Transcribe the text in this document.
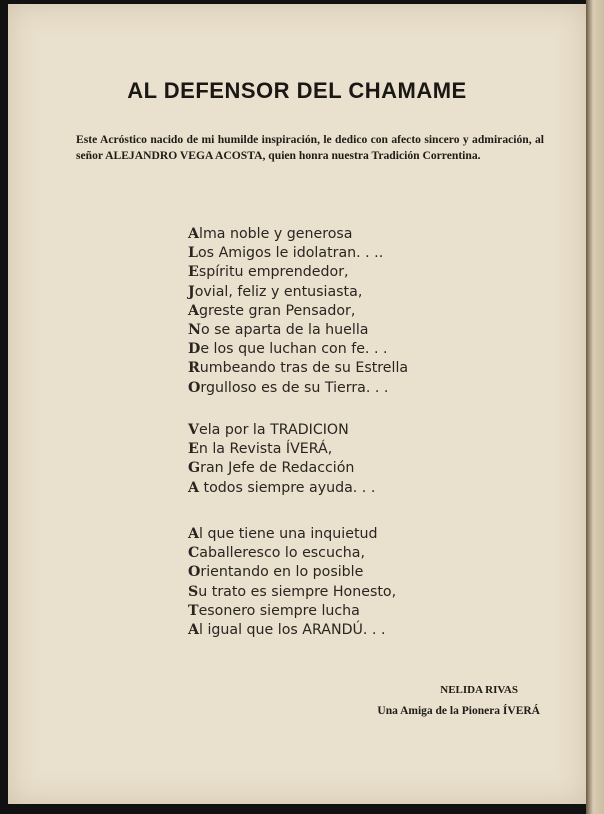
AL DEFENSOR DEL CHAMAME
Este Acróstico nacido de mi humilde inspiración, le dedico con afecto sincero y admiración, al señor ALEJANDRO VEGA ACOSTA, quien honra nuestra Tradición Correntina.
Alma noble y generosa
Los Amigos le idolatran. . ..
Espíritu emprendedor,
Jovial, feliz y entusiasta,
Agreste gran Pensador,
No se aparta de la huella
De los que luchan con fe. . .
Rumbeando tras de su Estrella
Orgulloso es de su Tierra. . .
Vela por la TRADICION
En la Revista ÍVERÁ,
Gran Jefe de Redacción
A todos siempre ayuda. . .
Al que tiene una inquietud
Caballeresco lo escucha,
Orientando en lo posible
Su trato es siempre Honesto,
Tesonero siempre lucha
Al igual que los ARANDÚ. . .
NELIDA RIVAS
Una Amiga de la Pionera ÍVERÁ
